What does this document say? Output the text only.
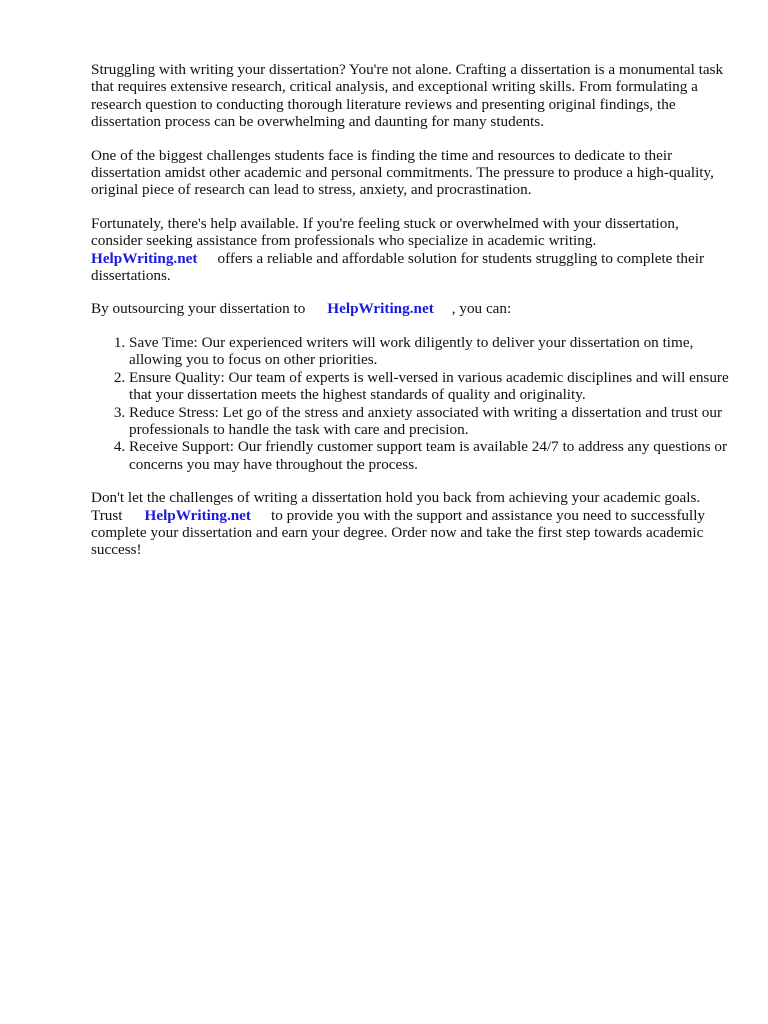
Struggling with writing your dissertation? You're not alone. Crafting a dissertation is a monumental task that requires extensive research, critical analysis, and exceptional writing skills. From formulating a research question to conducting thorough literature reviews and presenting original findings, the dissertation process can be overwhelming and daunting for many students.

One of the biggest challenges students face is finding the time and resources to dedicate to their dissertation amidst other academic and personal commitments. The pressure to produce a high-quality, original piece of research can lead to stress, anxiety, and procrastination.

Fortunately, there's help available. If you're feeling stuck or overwhelmed with your dissertation, consider seeking assistance from professionals who specialize in academic writing.
HelpWriting.net offers a reliable and affordable solution for students struggling to complete their dissertations.

By outsourcing your dissertation to HelpWriting.net , you can:

1. Save Time: Our experienced writers will work diligently to deliver your dissertation on time, allowing you to focus on other priorities.
2. Ensure Quality: Our team of experts is well-versed in various academic disciplines and will ensure that your dissertation meets the highest standards of quality and originality.
3. Reduce Stress: Let go of the stress and anxiety associated with writing a dissertation and trust our professionals to handle the task with care and precision.
4. Receive Support: Our friendly customer support team is available 24/7 to address any questions or concerns you may have throughout the process.

Don't let the challenges of writing a dissertation hold you back from achieving your academic goals. Trust HelpWriting.net to provide you with the support and assistance you need to successfully complete your dissertation and earn your degree. Order now and take the first step towards academic success!
